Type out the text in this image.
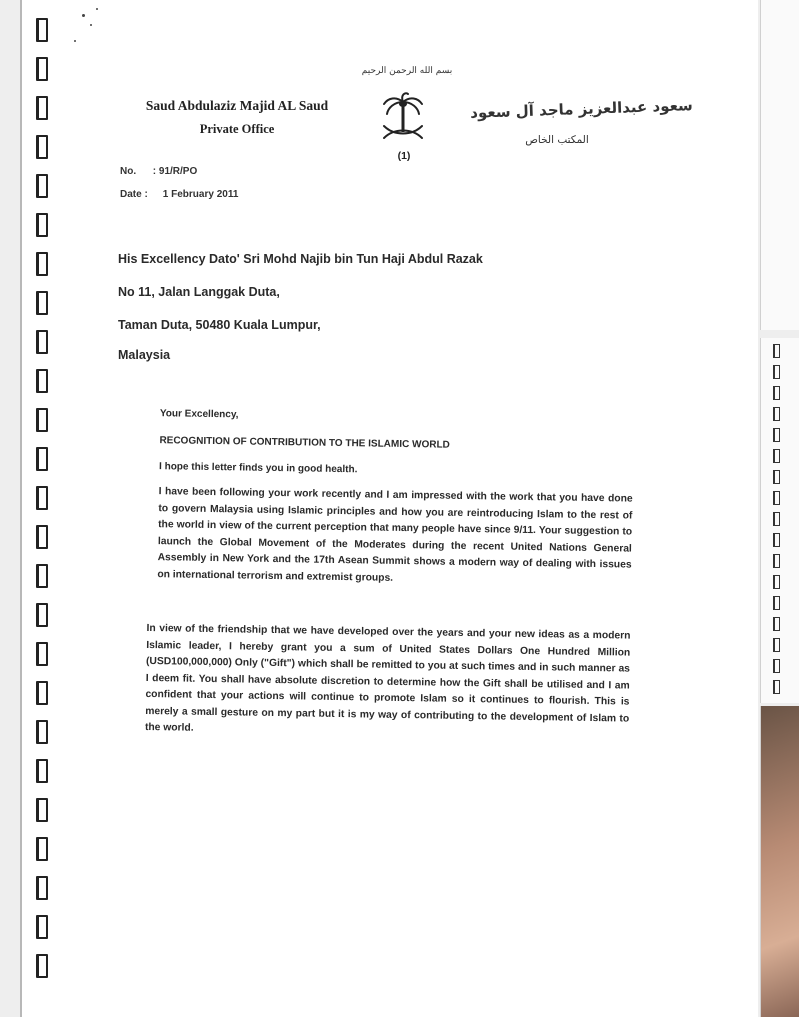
Saud Abdulaziz Majid AL Saud
Private Office
بسم الله الرحمن الرحيم
(1)
سعود عبدالعزيز ماجد آل سعود
المكتب الخاص
No. : 91/R/PO
Date : 1 February 2011
His Excellency Dato' Sri Mohd Najib bin Tun Haji Abdul Razak
No 11, Jalan Langgak Duta,
Taman Duta, 50480 Kuala Lumpur,
Malaysia
Your Excellency,
RECOGNITION OF CONTRIBUTION TO THE ISLAMIC WORLD
I hope this letter finds you in good health.
I have been following your work recently and I am impressed with the work that you have done to govern Malaysia using Islamic principles and how you are reintroducing Islam to the rest of the world in view of the current perception that many people have since 9/11. Your suggestion to launch the Global Movement of the Moderates during the recent United Nations General Assembly in New York and the 17th Asean Summit shows a modern way of dealing with issues on international terrorism and extremist groups.
In view of the friendship that we have developed over the years and your new ideas as a modern Islamic leader, I hereby grant you a sum of United States Dollars One Hundred Million (USD100,000,000) Only ("Gift") which shall be remitted to you at such times and in such manner as I deem fit. You shall have absolute discretion to determine how the Gift shall be utilised and I am confident that your actions will continue to promote Islam so it continues to flourish. This is merely a small gesture on my part but it is my way of contributing to the development of Islam to the world.
